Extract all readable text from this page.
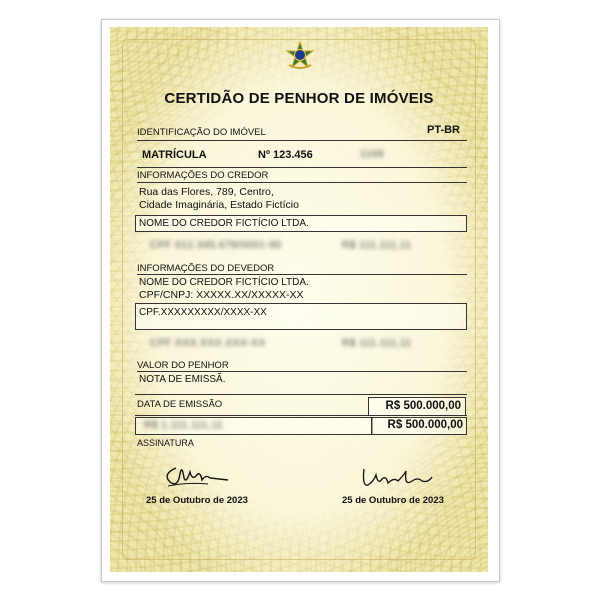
CERTIDÃO DE PENHOR DE IMÓVEIS
PT-BR
IDENTIFICAÇÃO DO IMÓVEL
MATRÍCULA	Nº 123.456	1169
INFORMAÇÕES DO CREDOR
Rua das Flores, 789, Centro,
Cidade Imaginária, Estado Fictício
NOME DO CREDOR FICTÍCIO LTDA.
CPF 012.345.678/0001-90	R$ 111.111,11
INFORMAÇÕES DO DEVEDOR
NOME DO CREDOR FICTÍCIO LTDA.
CPF/CNPJ: XXXXX.XX/XXXXX-XX
CPF.XXXXXXXXX/XXXX-XX
CPF XXX.XXX.XXX-XX	R$ 111.111,11
VALOR DO PENHOR
NOTA DE EMISSÃ.
DATA DE EMISSÃO	R$ 500.000,00
R$ 1.111.111,11	R$ 500.000,00
ASSINATURA
25 de Outubro de 2023	25 de Outubro de 2023
